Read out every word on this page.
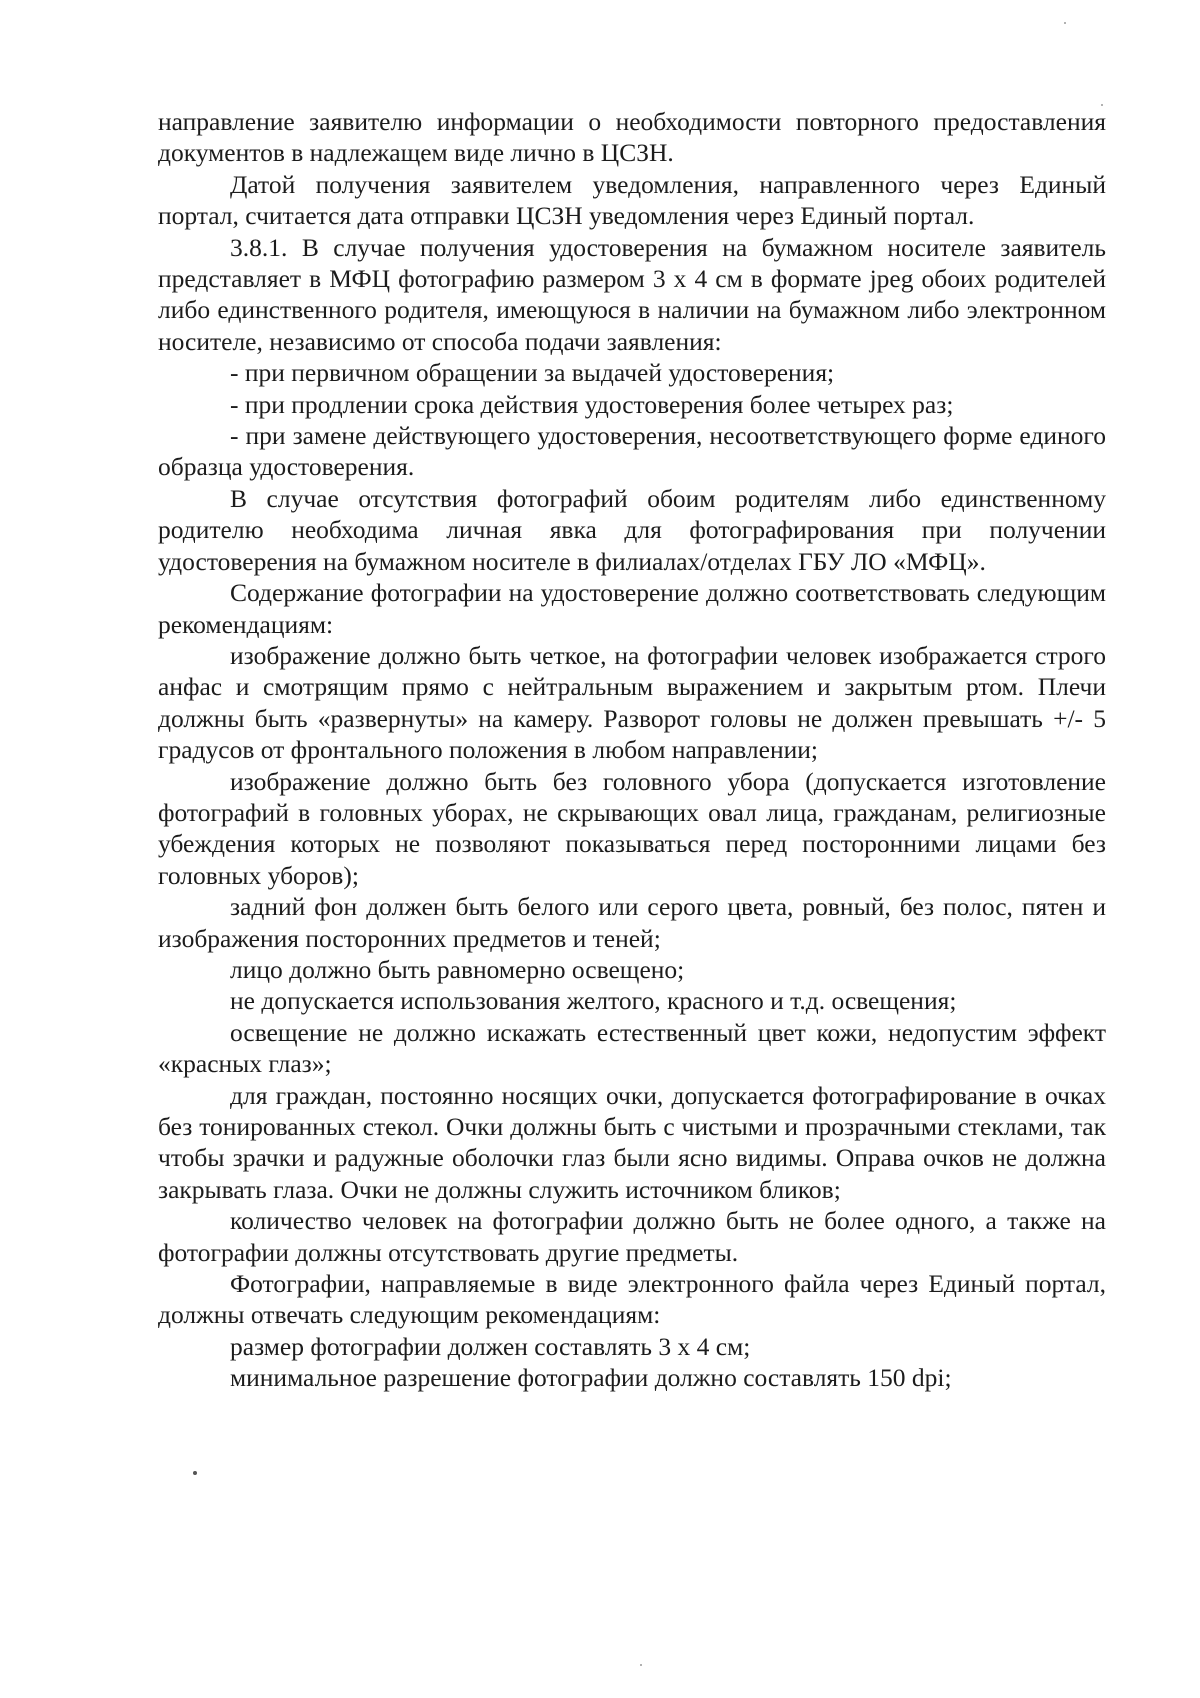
направление заявителю информации о необходимости повторного предоставления документов в надлежащем виде лично в ЦСЗН.

Датой получения заявителем уведомления, направленного через Единый портал, считается дата отправки ЦСЗН уведомления через Единый портал.

3.8.1. В случае получения удостоверения на бумажном носителе заявитель представляет в МФЦ фотографию размером 3 х 4 см в формате jpeg обоих родителей либо единственного родителя, имеющуюся в наличии на бумажном либо электронном носителе, независимо от способа подачи заявления:

- при первичном обращении за выдачей удостоверения;

- при продлении срока действия удостоверения более четырех раз;

- при замене действующего удостоверения, несоответствующего форме единого образца удостоверения.

В случае отсутствия фотографий обоим родителям либо единственному родителю необходима личная явка для фотографирования при получении удостоверения на бумажном носителе в филиалах/отделах ГБУ ЛО «МФЦ».

Содержание фотографии на удостоверение должно соответствовать следующим рекомендациям:

изображение должно быть четкое, на фотографии человек изображается строго анфас и смотрящим прямо с нейтральным выражением и закрытым ртом. Плечи должны быть «развернуты» на камеру. Разворот головы не должен превышать +/- 5 градусов от фронтального положения в любом направлении;

изображение должно быть без головного убора (допускается изготовление фотографий в головных уборах, не скрывающих овал лица, гражданам, религиозные убеждения которых не позволяют показываться перед посторонними лицами без головных уборов);

задний фон должен быть белого или серого цвета, ровный, без полос, пятен и изображения посторонних предметов и теней;

лицо должно быть равномерно освещено;

не допускается использования желтого, красного и т.д. освещения;

освещение не должно искажать естественный цвет кожи, недопустим эффект «красных глаз»;

для граждан, постоянно носящих очки, допускается фотографирование в очках без тонированных стекол. Очки должны быть с чистыми и прозрачными стеклами, так чтобы зрачки и радужные оболочки глаз были ясно видимы. Оправа очков не должна закрывать глаза. Очки не должны служить источником бликов;

количество человек на фотографии должно быть не более одного, а также на фотографии должны отсутствовать другие предметы.

Фотографии, направляемые в виде электронного файла через Единый портал, должны отвечать следующим рекомендациям:

размер фотографии должен составлять 3 х 4 см;

минимальное разрешение фотографии должно составлять 150 dpi;
